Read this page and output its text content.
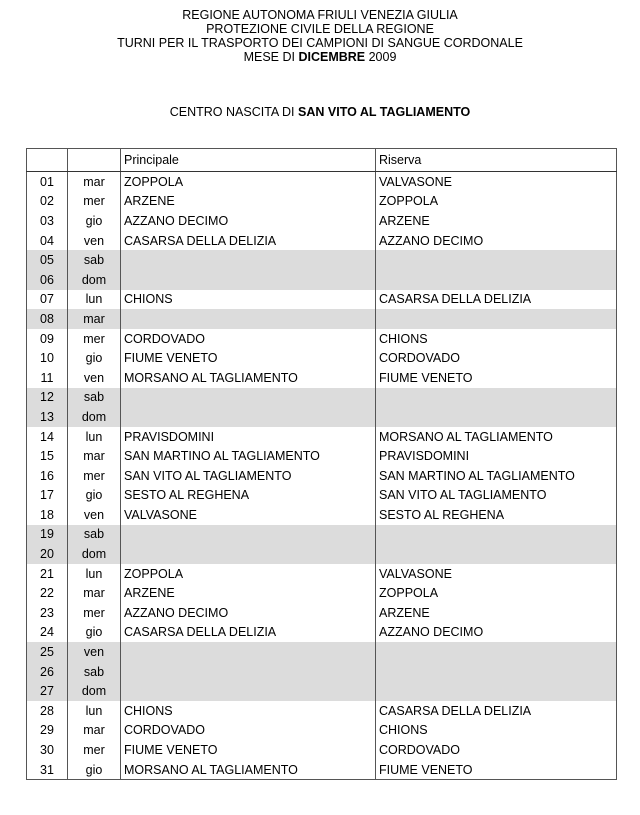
REGIONE AUTONOMA FRIULI VENEZIA GIULIA
PROTEZIONE CIVILE DELLA REGIONE
TURNI PER IL TRASPORTO DEI CAMPIONI DI SANGUE CORDONALE
MESE DI DICEMBRE 2009
CENTRO NASCITA DI SAN VITO AL TAGLIAMENTO
		Principale	Riserva
01	mar	ZOPPOLA	VALVASONE
02	mer	ARZENE	ZOPPOLA
03	gio	AZZANO DECIMO	ARZENE
04	ven	CASARSA DELLA DELIZIA	AZZANO DECIMO
05	sab		
06	dom		
07	lun	CHIONS	CASARSA DELLA DELIZIA
08	mar		
09	mer	CORDOVADO	CHIONS
10	gio	FIUME VENETO	CORDOVADO
11	ven	MORSANO AL TAGLIAMENTO	FIUME VENETO
12	sab		
13	dom		
14	lun	PRAVISDOMINI	MORSANO AL TAGLIAMENTO
15	mar	SAN MARTINO AL TAGLIAMENTO	PRAVISDOMINI
16	mer	SAN VITO AL TAGLIAMENTO	SAN MARTINO AL TAGLIAMENTO
17	gio	SESTO AL REGHENA	SAN VITO AL TAGLIAMENTO
18	ven	VALVASONE	SESTO AL REGHENA
19	sab		
20	dom		
21	lun	ZOPPOLA	VALVASONE
22	mar	ARZENE	ZOPPOLA
23	mer	AZZANO DECIMO	ARZENE
24	gio	CASARSA DELLA DELIZIA	AZZANO DECIMO
25	ven		
26	sab		
27	dom		
28	lun	CHIONS	CASARSA DELLA DELIZIA
29	mar	CORDOVADO	CHIONS
30	mer	FIUME VENETO	CORDOVADO
31	gio	MORSANO AL TAGLIAMENTO	FIUME VENETO
